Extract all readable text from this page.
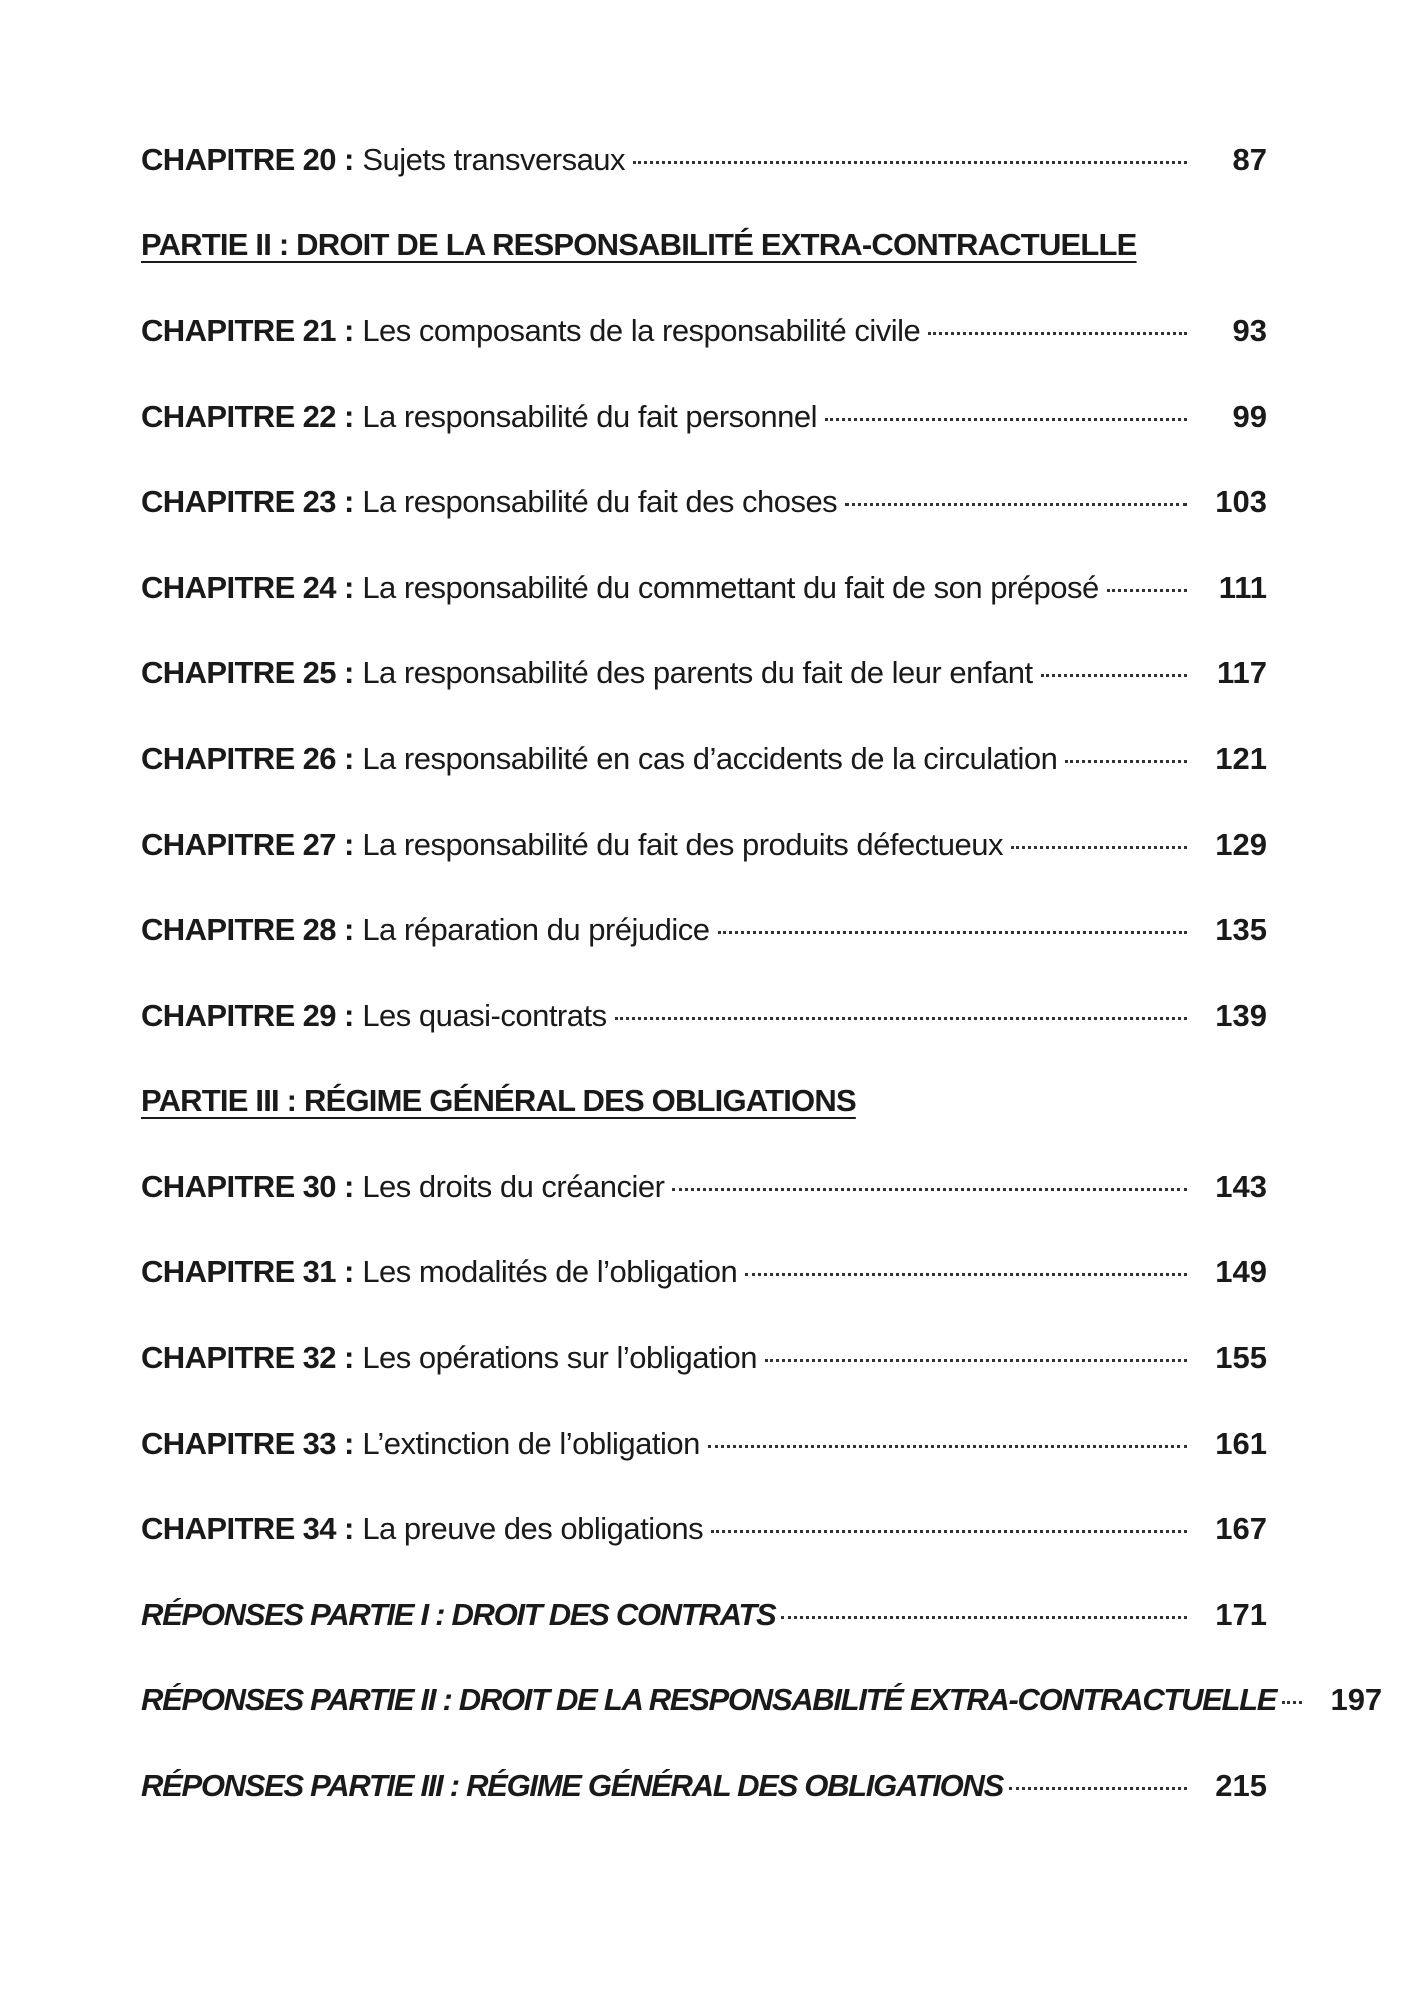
CHAPITRE 20 : Sujets transversaux	87
PARTIE II : DROIT DE LA RESPONSABILITÉ EXTRA-CONTRACTUELLE
CHAPITRE 21 : Les composants de la responsabilité civile	93
CHAPITRE 22 : La responsabilité du fait personnel	99
CHAPITRE 23 : La responsabilité du fait des choses	103
CHAPITRE 24 : La responsabilité du commettant du fait de son préposé	111
CHAPITRE 25 : La responsabilité des parents du fait de leur enfant	117
CHAPITRE 26 : La responsabilité en cas d’accidents de la circulation	121
CHAPITRE 27 : La responsabilité du fait des produits défectueux	129
CHAPITRE 28 : La réparation du préjudice	135
CHAPITRE 29 : Les quasi-contrats	139
PARTIE III : RÉGIME GÉNÉRAL DES OBLIGATIONS
CHAPITRE 30 : Les droits du créancier	143
CHAPITRE 31 : Les modalités de l’obligation	149
CHAPITRE 32 : Les opérations sur l’obligation	155
CHAPITRE 33 : L’extinction de l’obligation	161
CHAPITRE 34 : La preuve des obligations	167
RÉPONSES PARTIE I : DROIT DES CONTRATS	171
RÉPONSES PARTIE II : DROIT DE LA RESPONSABILITÉ EXTRA-CONTRACTUELLE	197
RÉPONSES PARTIE III : RÉGIME GÉNÉRAL DES OBLIGATIONS	215
